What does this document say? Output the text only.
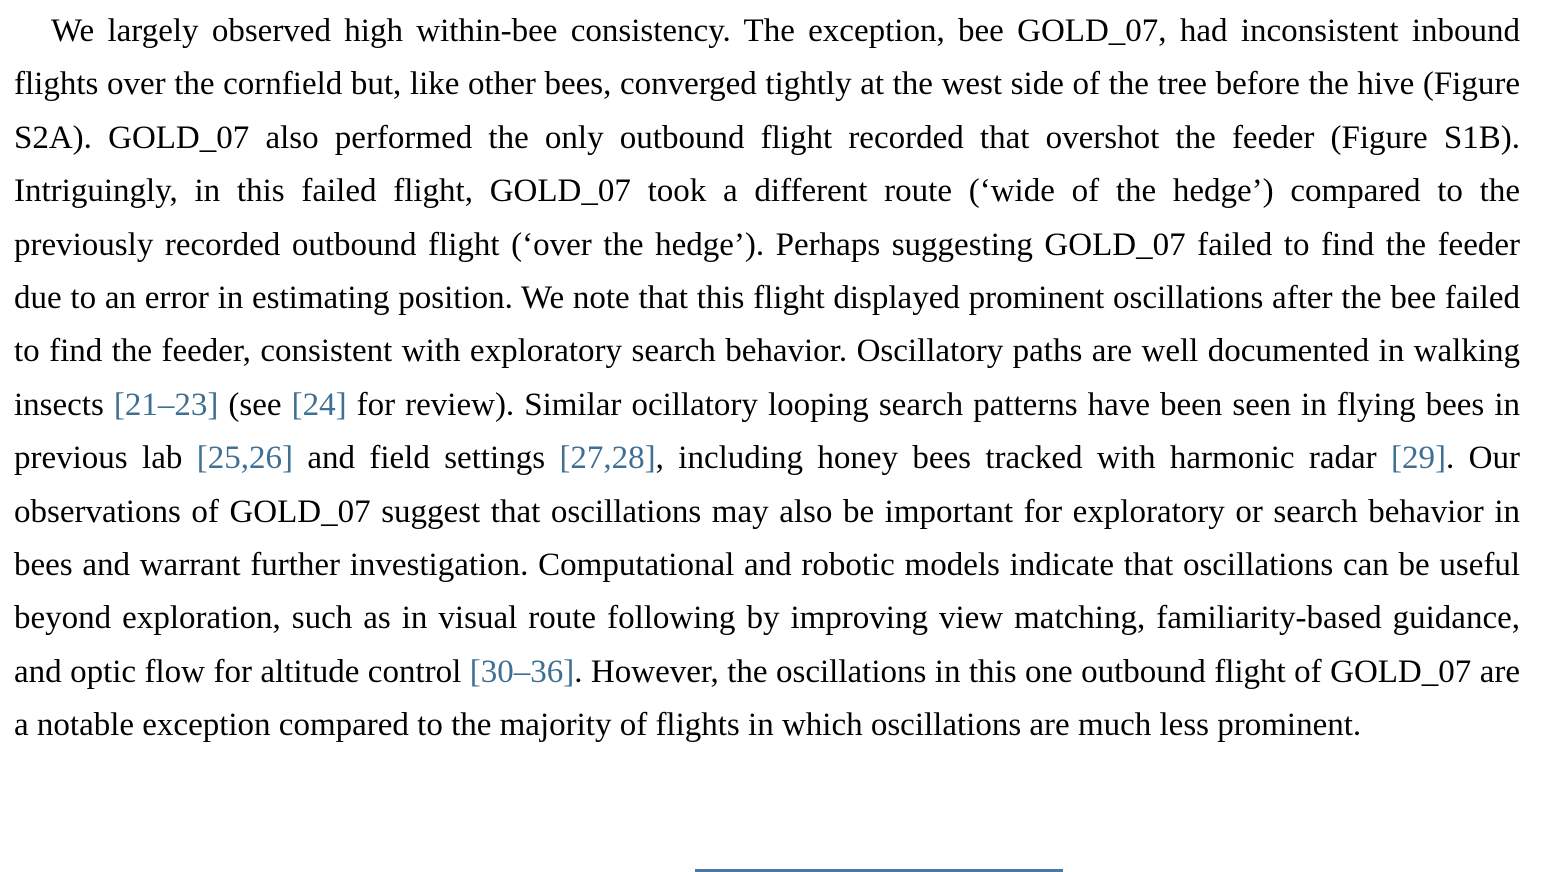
We largely observed high within-bee consistency. The exception, bee GOLD_07, had inconsistent inbound flights over the cornfield but, like other bees, converged tightly at the west side of the tree before the hive (Figure S2A). GOLD_07 also performed the only outbound flight recorded that overshot the feeder (Figure S1B). Intriguingly, in this failed flight, GOLD_07 took a different route (‘wide of the hedge’) compared to the previously recorded outbound flight (‘over the hedge’). Perhaps suggesting GOLD_07 failed to find the feeder due to an error in estimating position. We note that this flight displayed prominent oscillations after the bee failed to find the feeder, consistent with exploratory search behavior. Oscillatory paths are well documented in walking insects [21–23] (see [24] for review). Similar ocillatory looping search patterns have been seen in flying bees in previous lab [25,26] and field settings [27,28], including honey bees tracked with harmonic radar [29]. Our observations of GOLD_07 suggest that oscillations may also be important for exploratory or search behavior in bees and warrant further investigation. Computational and robotic models indicate that oscillations can be useful beyond exploration, such as in visual route following by improving view matching, familiarity-based guidance, and optic flow for altitude control [30–36]. However, the oscillations in this one outbound flight of GOLD_07 are a notable exception compared to the majority of flights in which oscillations are much less prominent.
